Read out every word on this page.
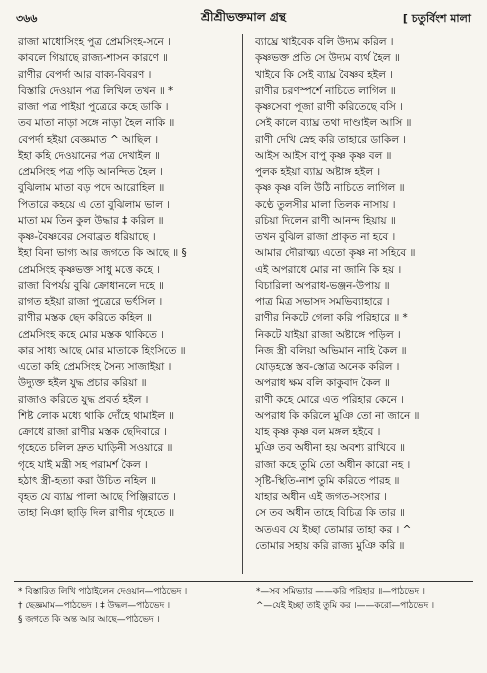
৩৬৬	শ্রীশ্রীভক্তমাল গ্রন্থ	[ চতুর্বিংশ মালা
রাজা মাধোসিংহ পুত্র প্রেমসিংহ-সনে ।
কাবলে গিয়াছে রাজ্য-শাসন কারণে ॥
রাণীর বেপর্দা আর বাক্য-বিবরণ ।
বিস্তারি দেওয়ান পত্র লিখিল তখন ॥ *
রাজা পত্র পাইয়া পুত্রেরে কহে ডাকি ।
তব মাতা নাড়া সঙ্গে নাড়া হৈল নাকি ॥
বেপর্দা হইয়া বেজ্ঞমাত ^ আছিল ।
ইহা কহি দেওয়ানের পত্র দেখাইল ॥
প্রেমসিংহ পত্র পড়ি আনন্দিত হৈল ।
বুঝিলাম মাতা বড় পদে আরোহিল ॥
পিতারে কহয়ে এ তো বুঝিলাম ভাল ।
মাতা মম তিন কুল উদ্ধার ‡ করিল ॥
কৃষ্ণ-বৈষ্ণবের সেবাব্রত ধরিয়াছে ।
ইহা বিনা ভাগ্য আর জগতে কি আছে ॥ §
প্রেমসিংহ কৃষ্ণভক্ত সাধু মত্তে কহে ।
রাজা বিপর্যয় বুঝি ক্রোধানলে দহে ॥
রাগত হইয়া রাজা পুত্রেরে ভর্ৎসিল ।
রাণীর মস্তক ছেদ করিতে কহিল ॥
প্রেমসিংহ কহে মোর মস্তক থাকিতে ।
কার সাধ্য আছে মোর মাতাকে হিংসিতে ॥
এতো কহি প্রেমসিংহ সৈন্য সাজাইয়া ।
উদ্যুক্ত হইল যুদ্ধ প্রচার করিয়া ॥
রাজাও করিতে যুদ্ধ প্রবর্ত হইল ।
শিষ্ট লোক মধ্যে থাকি দোঁহে থামাইল ॥
ক্রোধে রাজা রাণীর মস্তক ছেদিবারে ।
গৃহেতে চলিল দ্রুত ঘাড়িনী সওয়ারে ॥
গৃহে যাই মন্ত্রী সহ পরামর্শ কৈল ।
হঠাৎ স্ত্রী-হত্যা করা উচিত নহিল ॥
বৃহত যে ব্যাঘ্র পালা আছে পিঞ্জিরাতে ।
তাহা নিঞা ছাড়ি দিল রাণীর গৃহেতে ॥
ব্যাঘ্রে খাইবেক বলি উদ্যম করিল ।
কৃষ্ণভক্ত প্রতি সে উদ্যম ব্যর্থ হৈল ॥
খাইবে কি সেই ব্যাঘ্র বৈষ্ণব হইল ।
রাণীর চরণস্পর্শে নাচিতে লাগিল ॥
কৃষ্ণসেবা পূজা রাণী করিতেছে বসি ।
সেই কালে ব্যাঘ্র তথা দাণ্ডাইল আসি ॥
রাণী দেখি স্নেহ করি তাহারে ডাকিল ।
আইস আইস বাপু কৃষ্ণ কৃষ্ণ বল ॥
পুলক হইয়া ব্যাঘ্র অষ্টাঙ্গ হইল ।
কৃষ্ণ কৃষ্ণ বলি উঠি নাচিতে লাগিল ॥
কণ্ঠে তুলসীর মালা তিলক নাসায় ।
রচিয়া দিলেন রাণী আনন্দ হিয়ায় ॥
তখন বুঝিল রাজা প্রাকৃত না হবে ।
আমার দৌরাত্ম্য এতো কৃষ্ণ না সহিবে ॥
এই অপরাধে মোর না জানি কি হয় ।
বিচারিলা অপরাধ-ভঞ্জন-উপায় ॥
পাত্র মিত্র সভাসদ সমভিব্যাহারে ।
রাণীর নিকটে গেলা করি পরিহারে ॥ *
নিকটে যাইয়া রাজা অষ্টাঙ্গে পড়িল ।
নিজ স্ত্রী বলিয়া অভিমান নাহি কৈল ॥
যোড়হস্তে স্তব-স্তোত্র অনেক করিল ।
অপরাধ ক্ষম বলি কাকুবাদ কৈল ॥
রাণী কহে মোরে এত পরিহার কেনে ।
অপরাধ কি করিলে মুঞি তো না জানে ॥
যাহ কৃষ্ণ কৃষ্ণ বল মঙ্গল হইবে ।
মুঞি তব অধীনা হয় অবশ্য রাখিবে ॥
রাজা কহে তুমি তো অধীন কারো নহ ।
সৃষ্টি-স্থিতি-নাশ তুমি করিতে পারহ ॥
যাহার অধীন এই জগত-সংসার ।
সে তব অধীন তাহে বিচিত্র কি তার ॥
অতএব যে ইচ্ছা তোমার তাহা কর । ^
তোমার সহায় করি রাজ্য মুঞি করি ॥
* বিস্তারিত লিখি পাঠাইলেন দেওয়ান—পাঠভেদ ।
† ছেজ্ঞমাম—পাঠভেদ । ‡ উদ্ধল—পাঠভেদ ।
§ জগতে কি অন্ত আর আছে—পাঠভেদ ।
*—সব সমিভ্যার ——করি পরিহার ॥—পাঠভেদ ।
^—যেই ইচ্ছা তাই তুমি কর ।——করো—পাঠভেদ ।
